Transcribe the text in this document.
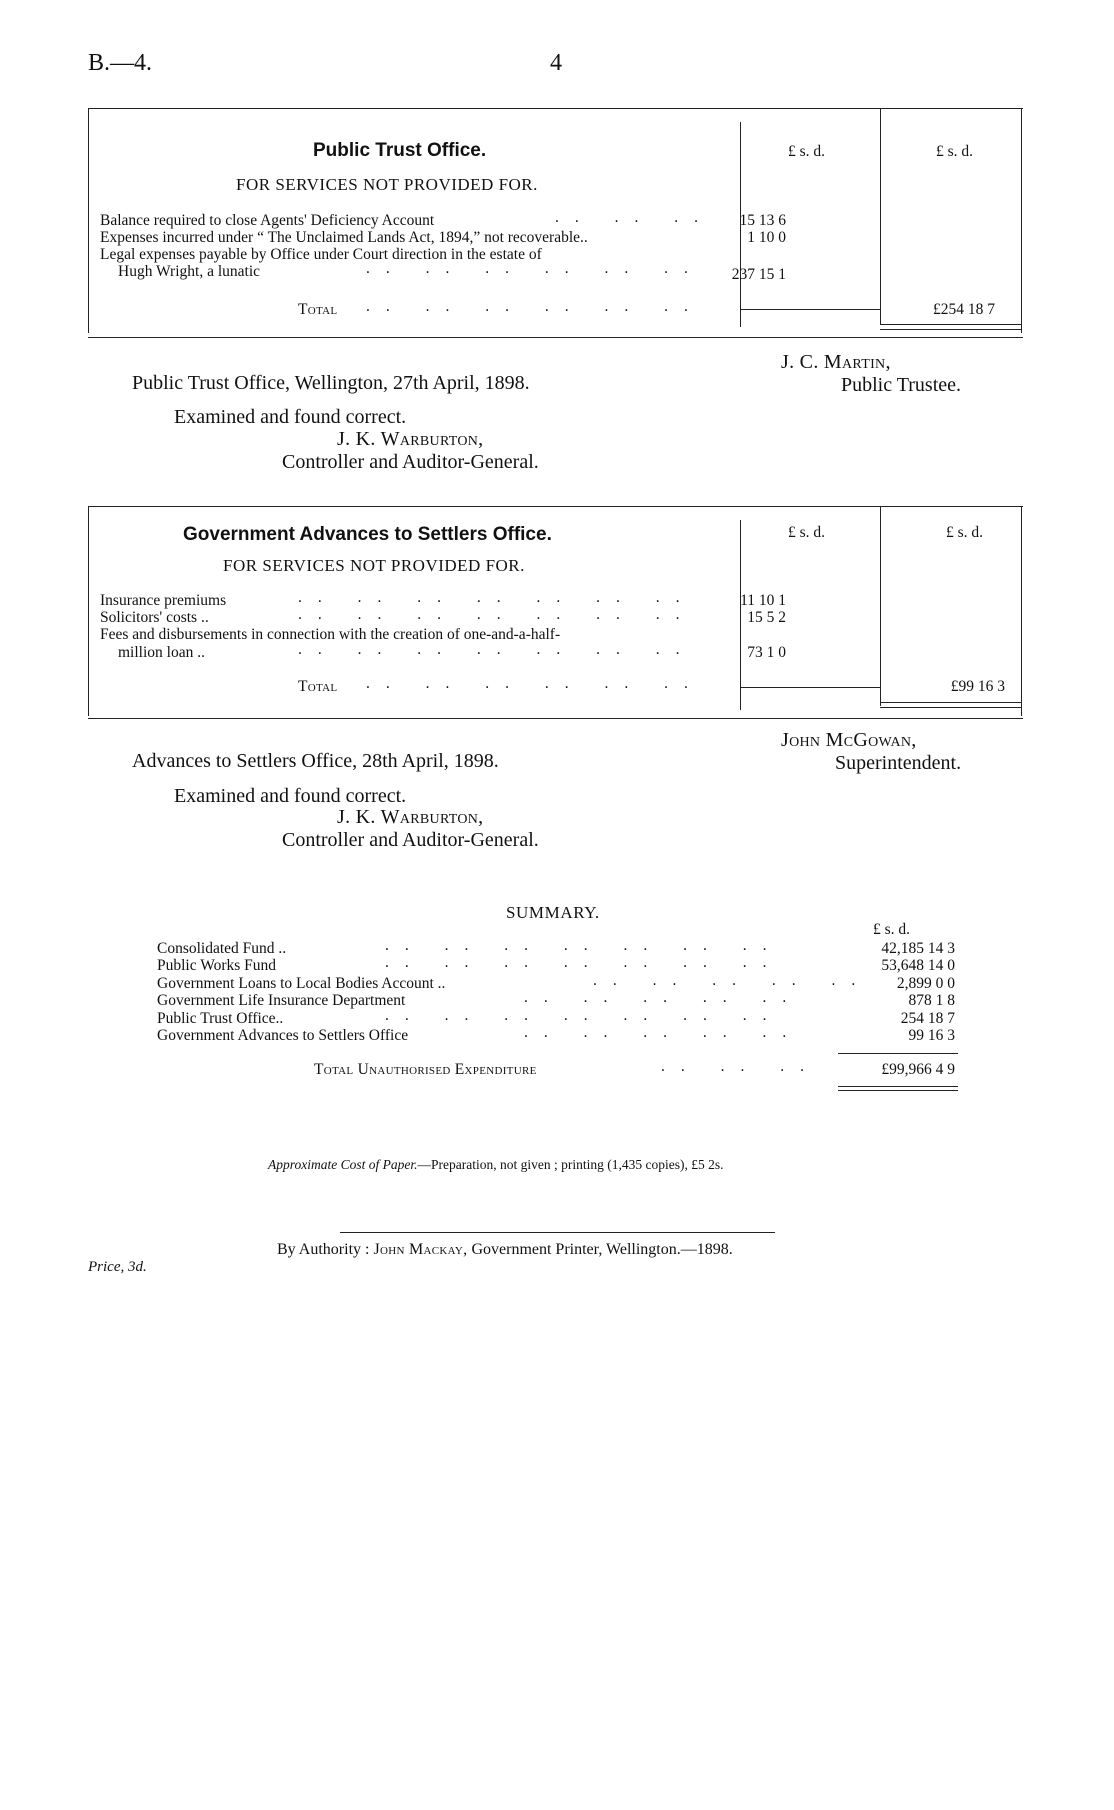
B.—4.	4
Public Trust Office.
FOR SERVICES NOT PROVIDED FOR.
£ s. d.	£ s. d.
Balance required to close Agents' Deficiency Account	.. .. .. 15 13 6
Expenses incurred under “ The Unclaimed Lands Act, 1894,” not recoverable..	1 10 0
Legal expenses payable by Office under Court direction in the estate of
Hugh Wright, a lunatic	.. .. .. .. .. .. 237 15 1
Total .. .. .. .. .. ..	£254 18 7
Public Trust Office, Wellington, 27th April, 1898.
J. C. Martin,
Public Trustee.
Examined and found correct.
J. K. Warburton,
Controller and Auditor-General.
Government Advances to Settlers Office.
FOR SERVICES NOT PROVIDED FOR.
£ s. d.	£ s. d.
Insurance premiums	.. .. .. .. .. .. ..	11 10 1
Solicitors' costs ..	.. .. .. .. .. .. ..	15 5 2
Fees and disbursements in connection with the creation of one-and-a-half-
million loan ..	.. .. .. .. .. .. ..	73 1 0
Total .. .. .. .. .. ..	£99 16 3
Advances to Settlers Office, 28th April, 1898.
John McGowan,
Superintendent.
Examined and found correct.
J. K. Warburton,
Controller and Auditor-General.
SUMMARY.
£ s. d.
Consolidated Fund ..	.. .. .. .. .. .. ..	42,185 14 3
Public Works Fund	.. .. .. .. .. .. ..	53,648 14 0
Government Loans to Local Bodies Account ..	.. .. .. .. .. 2,899 0 0
Government Life Insurance Department	.. .. .. .. ..	878 1 8
Public Trust Office..	.. .. .. .. .. .. ..	254 18 7
Government Advances to Settlers Office	.. .. .. .. ..	99 16 3
Total Unauthorised Expenditure	.. .. ..	£99,966 4 9
Approximate Cost of Paper.—Preparation, not given ; printing (1,435 copies), £5 2s.
By Authority : John Mackay, Government Printer, Wellington.—1898.
Price, 3d.
